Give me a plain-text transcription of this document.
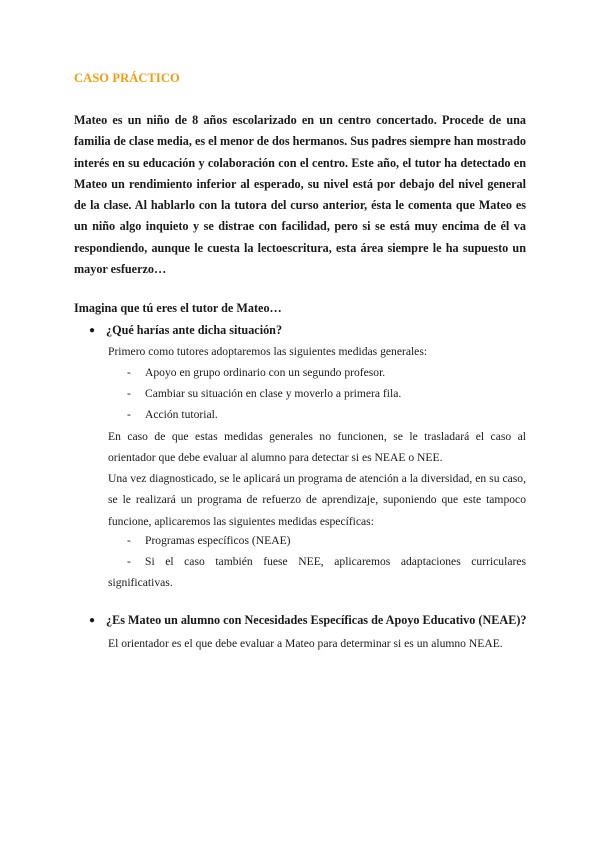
CASO PRÁCTICO

Mateo es un niño de 8 años escolarizado en un centro concertado. Procede de una familia de clase media, es el menor de dos hermanos. Sus padres siempre han mostrado interés en su educación y colaboración con el centro. Este año, el tutor ha detectado en Mateo un rendimiento inferior al esperado, su nivel está por debajo del nivel general de la clase. Al hablarlo con la tutora del curso anterior, ésta le comenta que Mateo es un niño algo inquieto y se distrae con facilidad, pero si se está muy encima de él va respondiendo, aunque le cuesta la lectoescritura, esta área siempre le ha supuesto un mayor esfuerzo…

Imagina que tú eres el tutor de Mateo…

● ¿Qué harías ante dicha situación?

Primero como tutores adoptaremos las siguientes medidas generales:

- Apoyo en grupo ordinario con un segundo profesor.

- Cambiar su situación en clase y moverlo a primera fila.

- Acción tutorial.

En caso de que estas medidas generales no funcionen, se le trasladará el caso al orientador que debe evaluar al alumno para detectar si es NEAE o NEE.

Una vez diagnosticado, se le aplicará un programa de atención a la diversidad, en su caso, se le realizará un programa de refuerzo de aprendizaje, suponiendo que este tampoco funcione, aplicaremos las siguientes medidas específicas:

- Programas específicos (NEAE)

- Si el caso también fuese NEE, aplicaremos adaptaciones curriculares significativas.

● ¿Es Mateo un alumno con Necesidades Específicas de Apoyo Educativo (NEAE)?

El orientador es el que debe evaluar a Mateo para determinar si es un alumno NEAE.
